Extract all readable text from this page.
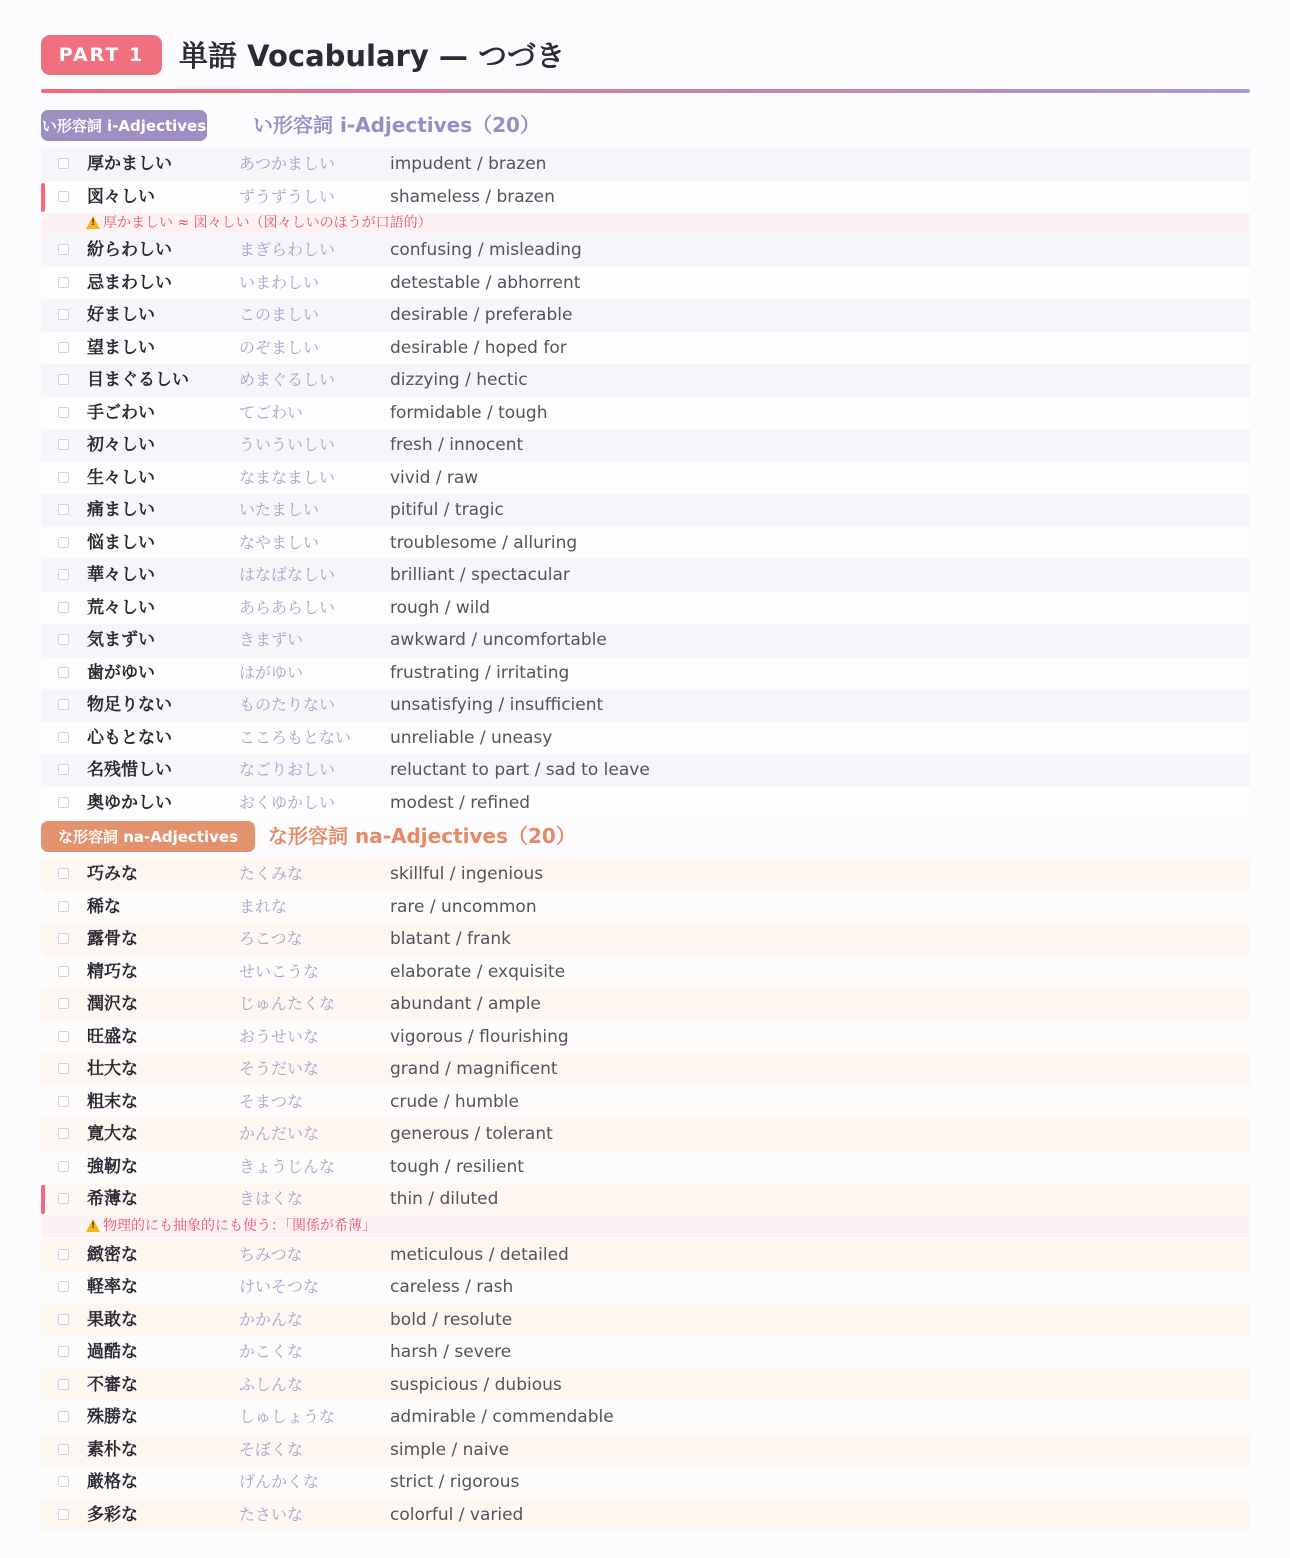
PART 1	単語 Vocabulary — つづき
い形容詞 i-Adjectives い形容詞 i-Adjectives（20）
厚かましい	あつかましい	impudent / brazen
図々しい	ずうずうしい	shameless / brazen
!
厚かましい ≈ 図々しい（図々しいのほうが口語的）
紛らわしい	まぎらわしい	confusing / misleading
忌まわしい	いまわしい	detestable / abhorrent
好ましい	このましい	desirable / preferable
望ましい	のぞましい	desirable / hoped for
目まぐるしい	めまぐるしい	dizzying / hectic
手ごわい	てごわい	formidable / tough
初々しい	ういういしい	fresh / innocent
生々しい	なまなましい	vivid / raw
痛ましい	いたましい	pitiful / tragic
悩ましい	なやましい	troublesome / alluring
華々しい	はなばなしい	brilliant / spectacular
荒々しい	あらあらしい	rough / wild
気まずい	きまずい	awkward / uncomfortable
歯がゆい	はがゆい	frustrating / irritating
物足りない	ものたりない	unsatisfying / insufficient
心もとない	こころもとない unreliable / uneasy
名残惜しい	なごりおしい	reluctant to part / sad to leave
奥ゆかしい	おくゆかしい	modest / refined
な形容詞 na-Adjectives	な形容詞 na-Adjectives（20）
巧みな	たくみな	skillful / ingenious
稀な	まれな	rare / uncommon
露骨な	ろこつな	blatant / frank
精巧な	せいこうな	elaborate / exquisite
潤沢な	じゅんたくな	abundant / ample
旺盛な	おうせいな	vigorous / flourishing
壮大な	そうだいな	grand / magnificent
粗末な	そまつな	crude / humble
寛大な	かんだいな	generous / tolerant
強靭な	きょうじんな	tough / resilient
希薄な	きはくな	thin / diluted
!
物理的にも抽象的にも使う：「関係が希薄」
緻密な	ちみつな	meticulous / detailed
軽率な	けいそつな	careless / rash
果敢な	かかんな	bold / resolute
過酷な	かこくな	harsh / severe
不審な	ふしんな	suspicious / dubious
殊勝な	しゅしょうな	admirable / commendable
素朴な	そぼくな	simple / naive
厳格な	げんかくな	strict / rigorous
多彩な	たさいな	colorful / varied
